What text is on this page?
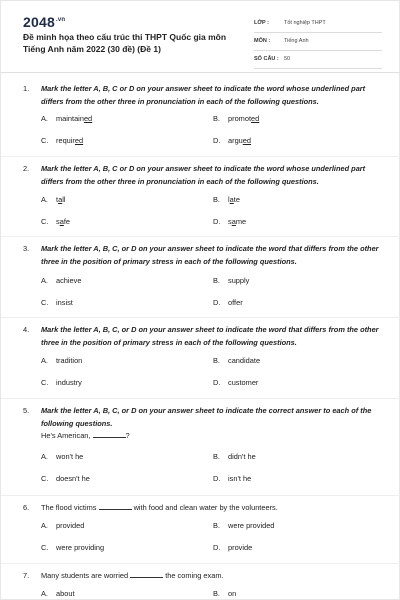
$2048^{.vn}$
Đề minh họa theo cấu trúc thi THPT Quốc gia môn Tiếng Anh năm 2022 (30 đề) (Đề 1)
LỚP :	Tốt nghiệp THPT
MÔN :	Tiếng Anh
SỐ CÂU : 50
1. Mark the letter A, B, C or D on your answer sheet to indicate the word whose underlined part differs from the other three in pronunciation in each of the following questions.
A. maintained	B. promoted
C. required	D. argued
2. Mark the letter A, B, C or D on your answer sheet to indicate the word whose underlined part differs from the other three in pronunciation in each of the following questions.
A. tall	B. late
C. safe	D. same
3. Mark the letter A, B, C, or D on your answer sheet to indicate the word that differs from the other three in the position of primary stress in each of the following questions.
A. achieve	B. supply
C. insist	D. offer
4. Mark the letter A, B, C, or D on your answer sheet to indicate the word that differs from the other three in the position of primary stress in each of the following questions.
A. tradition	B. candidate
C. industry	D. customer
5. Mark the letter A, B, C, or D on your answer sheet to indicate the correct answer to each of the following questions.
He's American,	?
A. won't he	B. didn't he
C. doesn't he	D. isn't he
6. The flood victims	with food and clean water by the volunteers.
A. provided	B. were provided
C. were providing	D. provide
7. Many students are worried	the coming exam.
A. about	B. on
